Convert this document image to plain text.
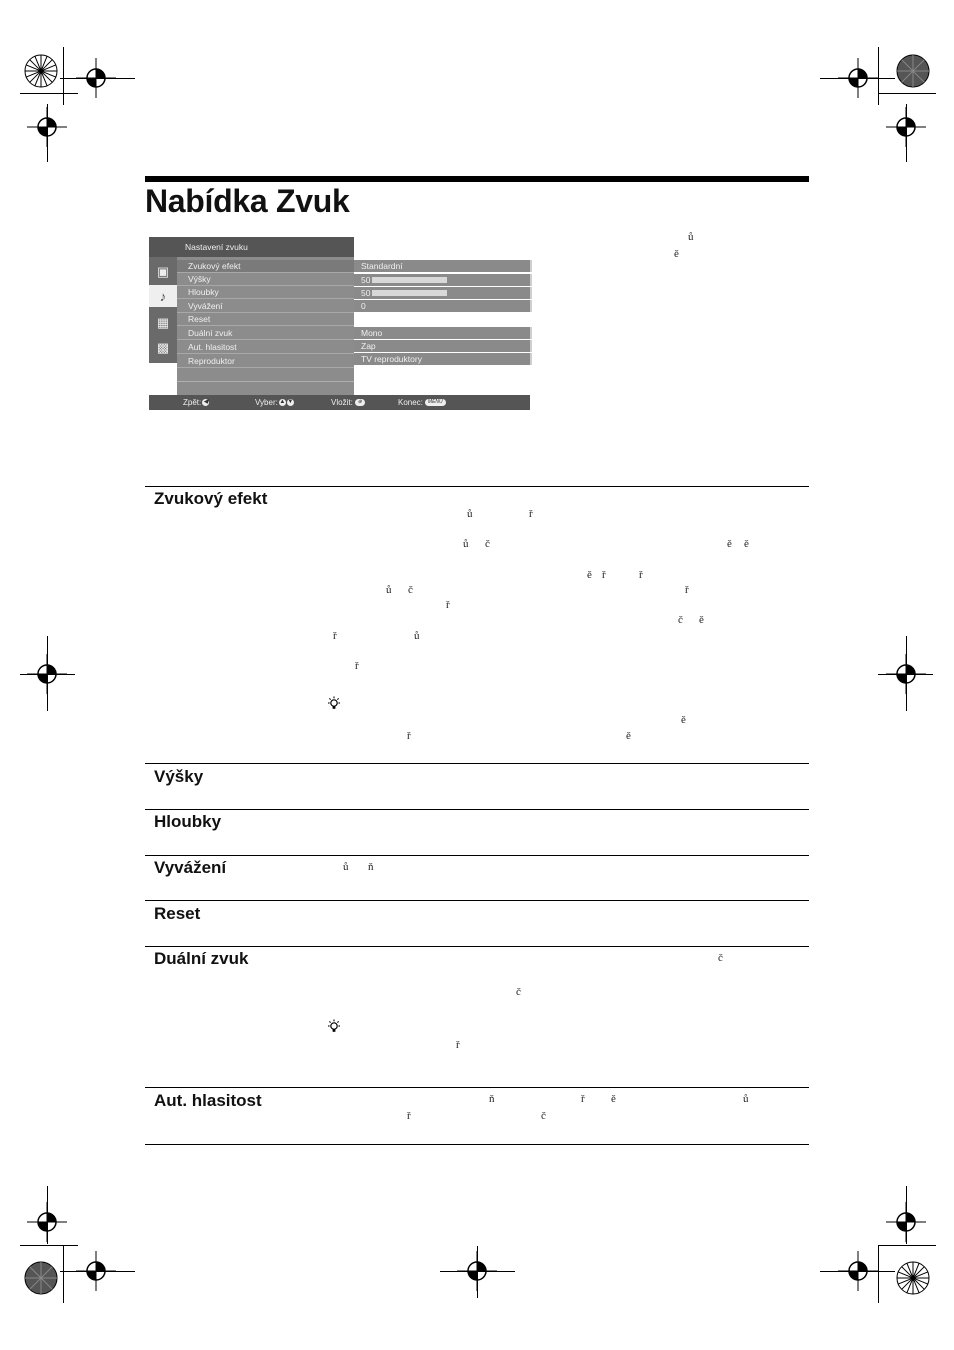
Nabídka Zvuk
Nastavení zvuku
▣
♪
▦
▩
Zvukový efekt
Výšky
Hloubky
Vyvážení
Reset
Duální zvuk
Aut. hlasitost
Reproduktor
Standardní
50
50
0
Mono
Zap
TV reproduktory
Zpět: ◀	Vyber: ▲ ▼	Vložit: ⊕	Konec: MENU
ů
ě
Zvukový efekt
ů	ř
ů č	ě ě
ě ř	ř
ů č	ř
ř
č ě
ř	ů
ř
ě
ř	ě
Výšky
Hloubky
Vyvážení	ů ň
Reset
Duální zvuk	č
č
ř
Aut. hlasitost	ň	ř ě	ů
ř	č
